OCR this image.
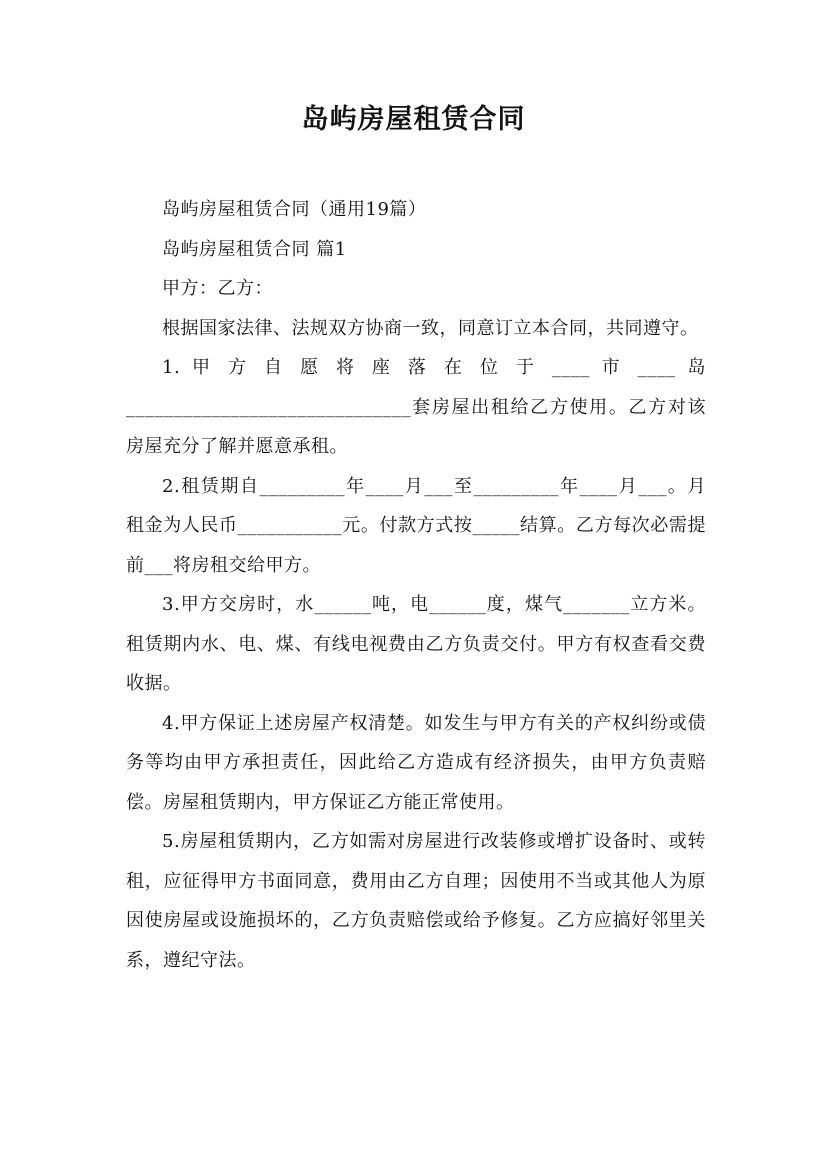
岛屿房屋租赁合同

岛屿房屋租赁合同（通用19篇）

岛屿房屋租赁合同 篇1

甲方：乙方：

根据国家法律、法规双方协商一致，同意订立本合同，共同遵守。

1. 甲 方 自 愿 将 座 落 在 位 于 ____ 市 ____ 岛 ______________________________套房屋出租给乙方使用。乙方对该房屋充分了解并愿意承租。

2.租赁期自_________年____月___至_________年____月___。月租金为人民币___________元。付款方式按_____结算。乙方每次必需提前___将房租交给甲方。

3.甲方交房时，水______吨，电______度，煤气_______立方米。租赁期内水、电、煤、有线电视费由乙方负责交付。甲方有权查看交费收据。

4.甲方保证上述房屋产权清楚。如发生与甲方有关的产权纠纷或债务等均由甲方承担责任，因此给乙方造成有经济损失，由甲方负责赔偿。房屋租赁期内，甲方保证乙方能正常使用。

5.房屋租赁期内，乙方如需对房屋进行改装修或增扩设备时、或转租，应征得甲方书面同意，费用由乙方自理；因使用不当或其他人为原因使房屋或设施损坏的，乙方负责赔偿或给予修复。乙方应搞好邻里关系，遵纪守法。
